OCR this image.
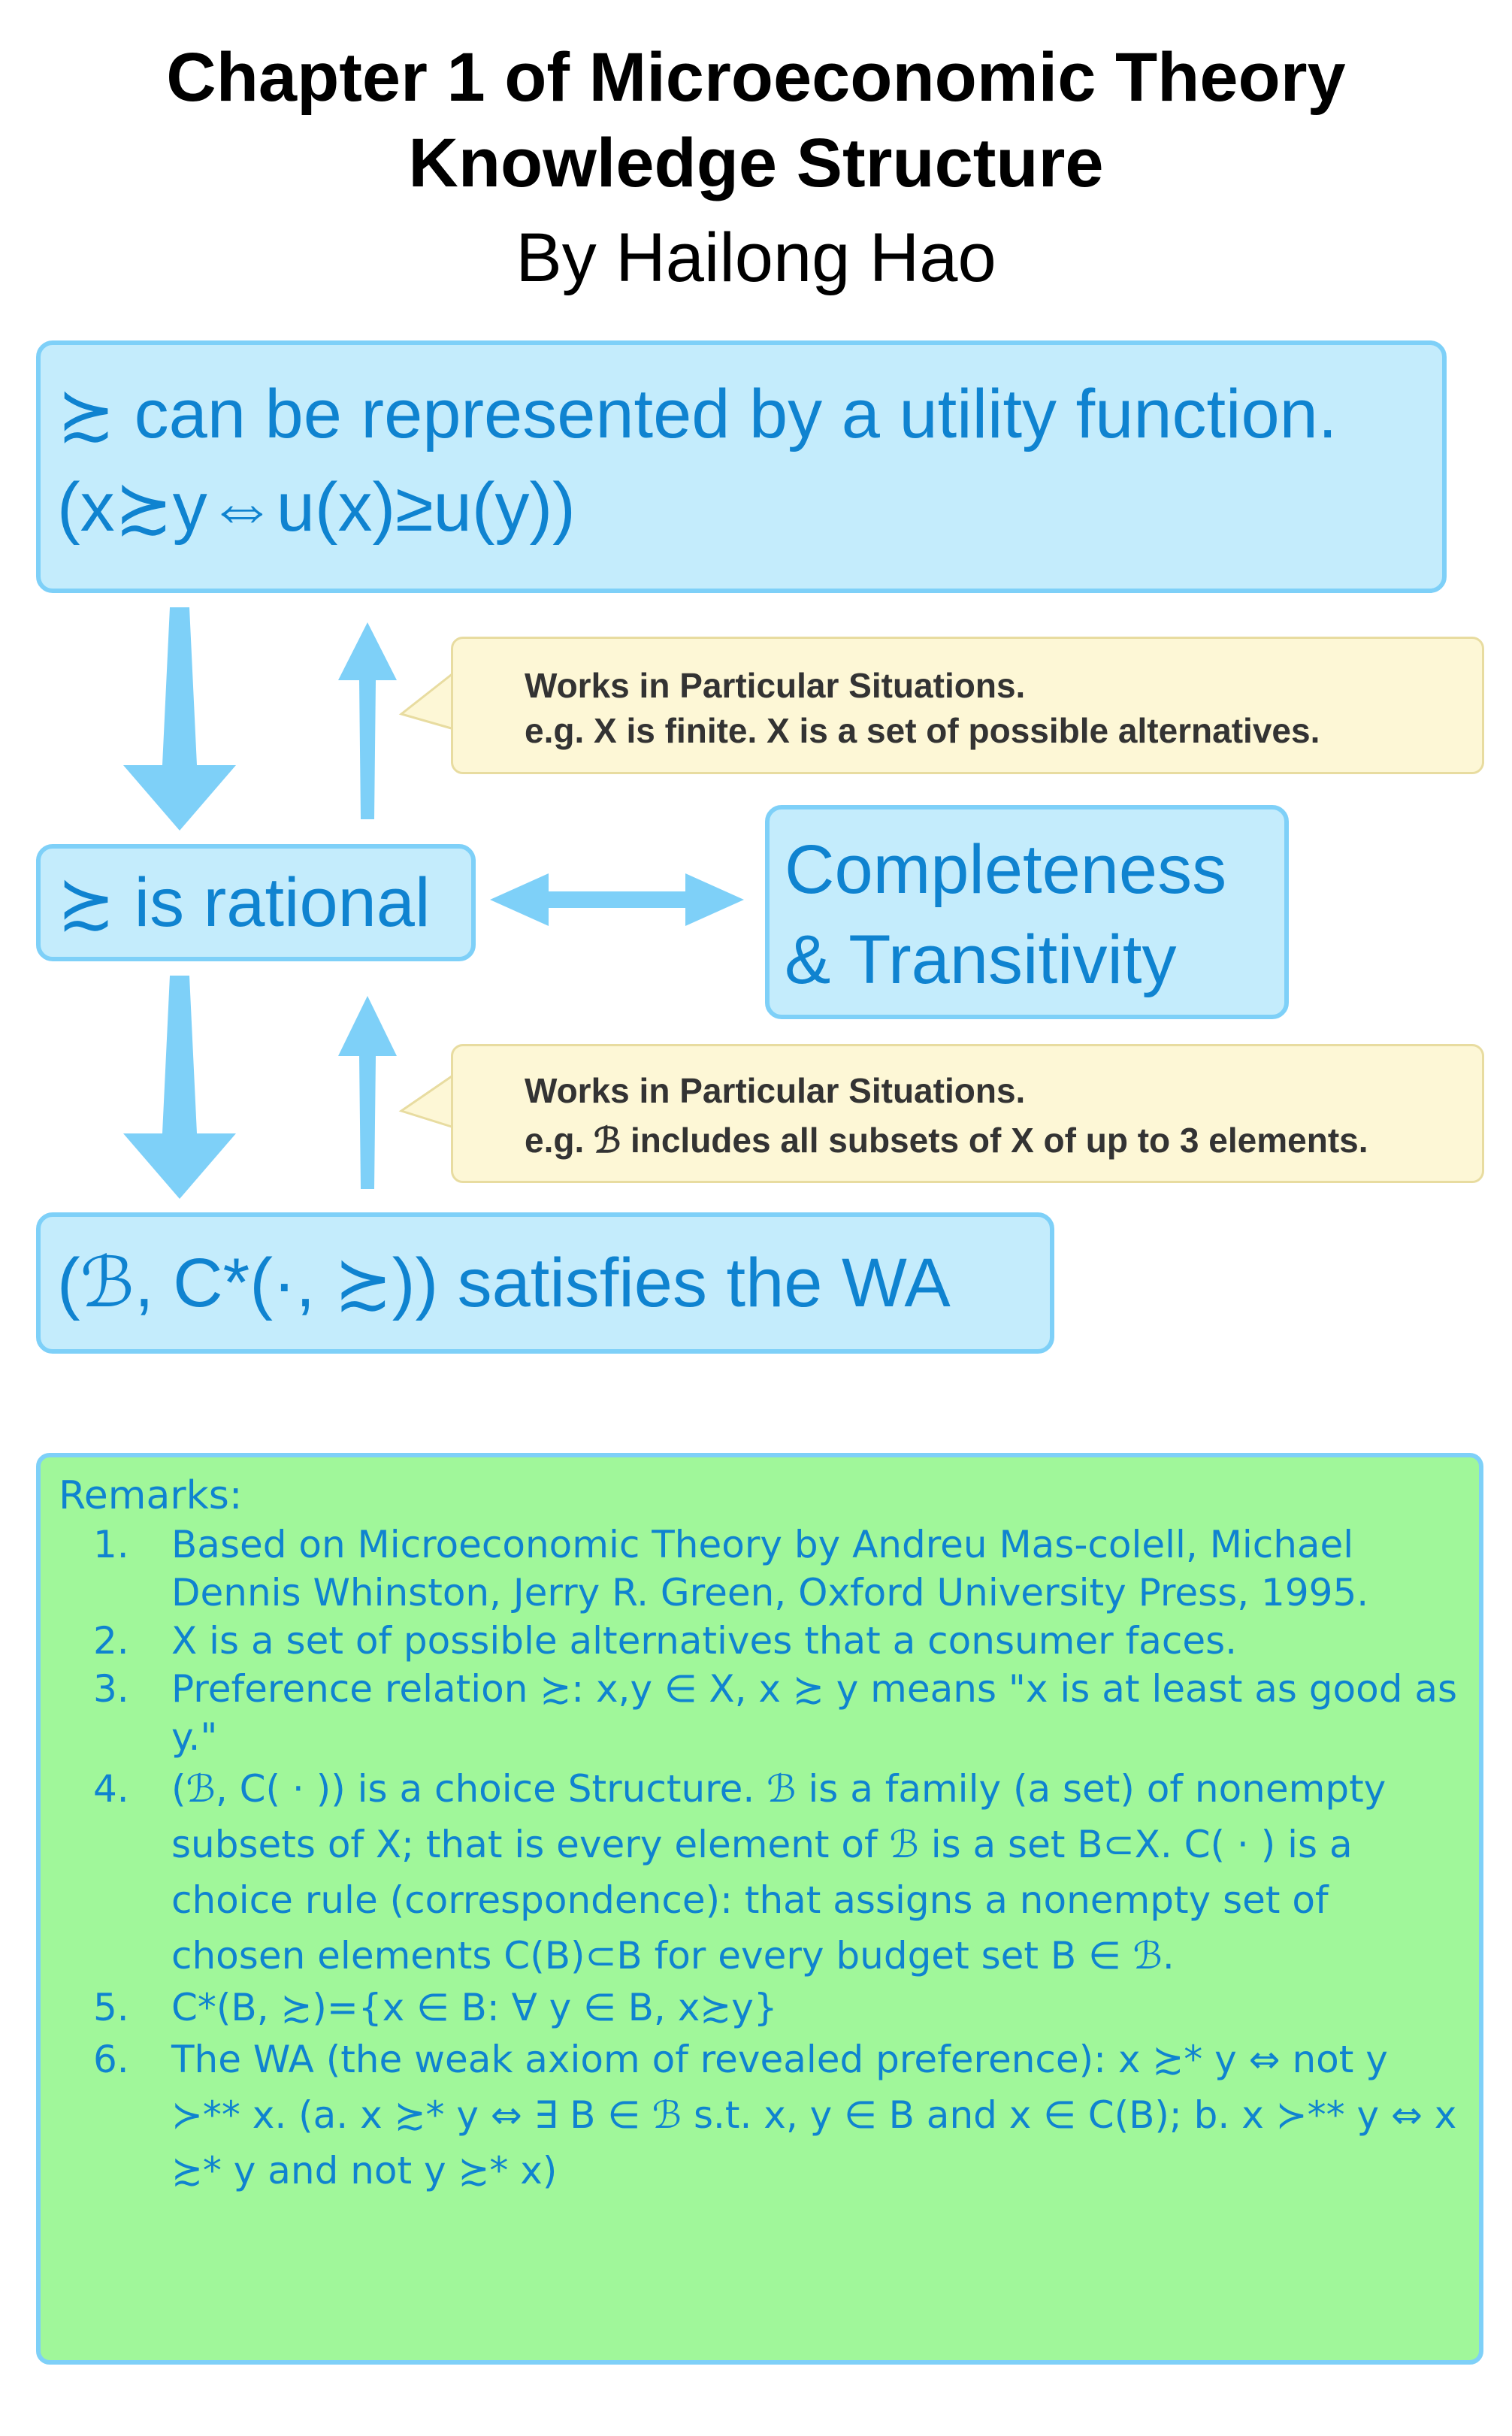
Chapter 1 of Microeconomic Theory
Knowledge Structure
By Hailong Hao
≿ can be represented by a utility function.
(x≿y⇔u(x)≥u(y))
≿ is rational	Completeness
& Transitivity
(ℬ, C*(·, ≿)) satisfies the WA
Works in Particular Situations.
e.g. X is finite. X is a set of possible alternatives.
Works in Particular Situations.
e.g. ℬ includes all subsets of X of up to 3 elements.
Remarks:
1. Based on Microeconomic Theory by Andreu Mas-colell, Michael Dennis Whinston, Jerry R. Green, Oxford University Press, 1995.
2. X is a set of possible alternatives that a consumer faces.
3. Preference relation ≿: x,y ∈ X, x ≿ y means "x is at least as good as y."
4. (ℬ, C( · )) is a choice Structure. ℬ is a family (a set) of nonempty subsets of X; that is every element of ℬ is a set B⊂X. C( · ) is a choice rule (correspondence): that assigns a nonempty set of chosen elements C(B)⊂B for every budget set B ∈ ℬ.
5. C*(B, ≿)={x ∈ B: ∀ y ∈ B, x≿y}
6. The WA (the weak axiom of revealed preference): x ≿* y ⇔ not y ≻** x. (a. x ≿* y ⇔ ∃ B ∈ ℬ s.t. x, y ∈ B and x ∈ C(B); b. x ≻** y ⇔ x ≿* y and not y ≿* x)
